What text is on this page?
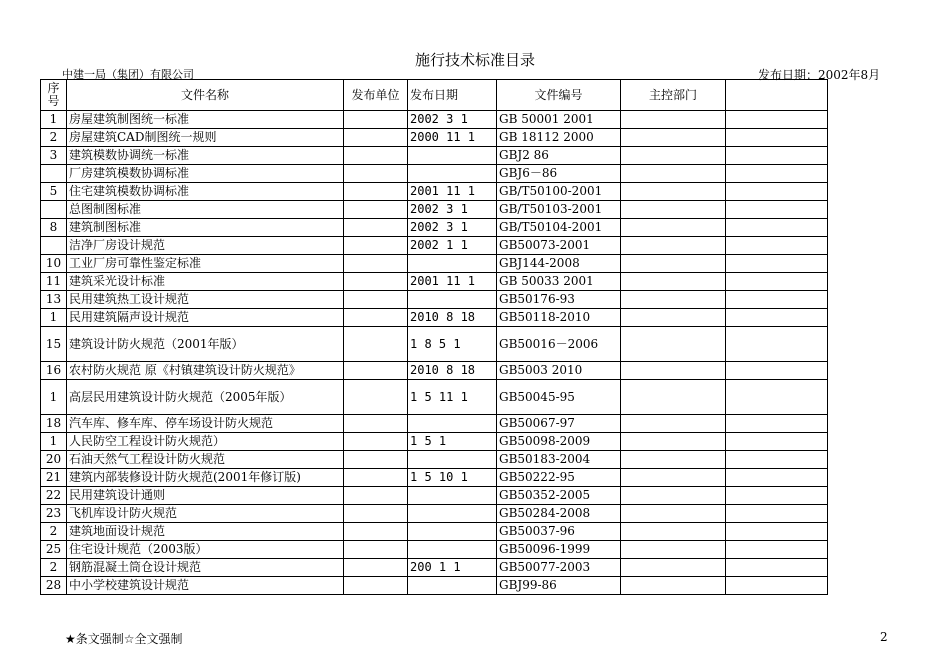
施行技术标准目录
中建一局（集团）有限公司	发布日期：2002年8月
序号	文件名称	发布单位	发布日期	文件编号	主控部门	
1	房屋建筑制图统一标准		2002 3 1	GB 50001 2001		
2	房屋建筑CAD制图统一规则		2000 11 1	GB 18112 2000		
3	建筑模数协调统一标准			GBJ2 86		
	厂房建筑模数协调标准			GBJ6－86		
5	住宅建筑模数协调标准		2001 11 1	GB/T50100-2001		
	总图制图标准		2002 3 1	GB/T50103-2001		
8	建筑制图标准		2002 3 1	GB/T50104-2001		
	洁净厂房设计规范		2002 1 1	GB50073-2001		
10	工业厂房可靠性鉴定标准			GBJ144-2008		
11	建筑采光设计标准		2001 11 1	GB 50033 2001		
13	民用建筑热工设计规范			GB50176-93		
1	民用建筑隔声设计规范		2010 8 18	GB50118-2010		
15	建筑设计防火规范（2001年版）		1 8 5 1	GB50016－2006		
16	农村防火规范 原《村镇建筑设计防火规范》		2010 8 18	GB5003 2010		
1	高层民用建筑设计防火规范（2005年版）		1 5 11 1	GB50045-95		
18	汽车库、修车库、停车场设计防火规范			GB50067-97		
1	人民防空工程设计防火规范）		1 5 1	GB50098-2009		
20	石油天然气工程设计防火规范			GB50183-2004		
21	建筑内部装修设计防火规范(2001年修订版)		1 5 10 1	GB50222-95		
22	民用建筑设计通则			GB50352-2005		
23	飞机库设计防火规范			GB50284-2008		
2	建筑地面设计规范			GB50037-96		
25	住宅设计规范（2003版）			GB50096-1999		
2	钢筋混凝土筒仓设计规范		200 1 1	GB50077-2003		
28	中小学校建筑设计规范			GBJ99-86		
★条文强制☆全文强制	2
